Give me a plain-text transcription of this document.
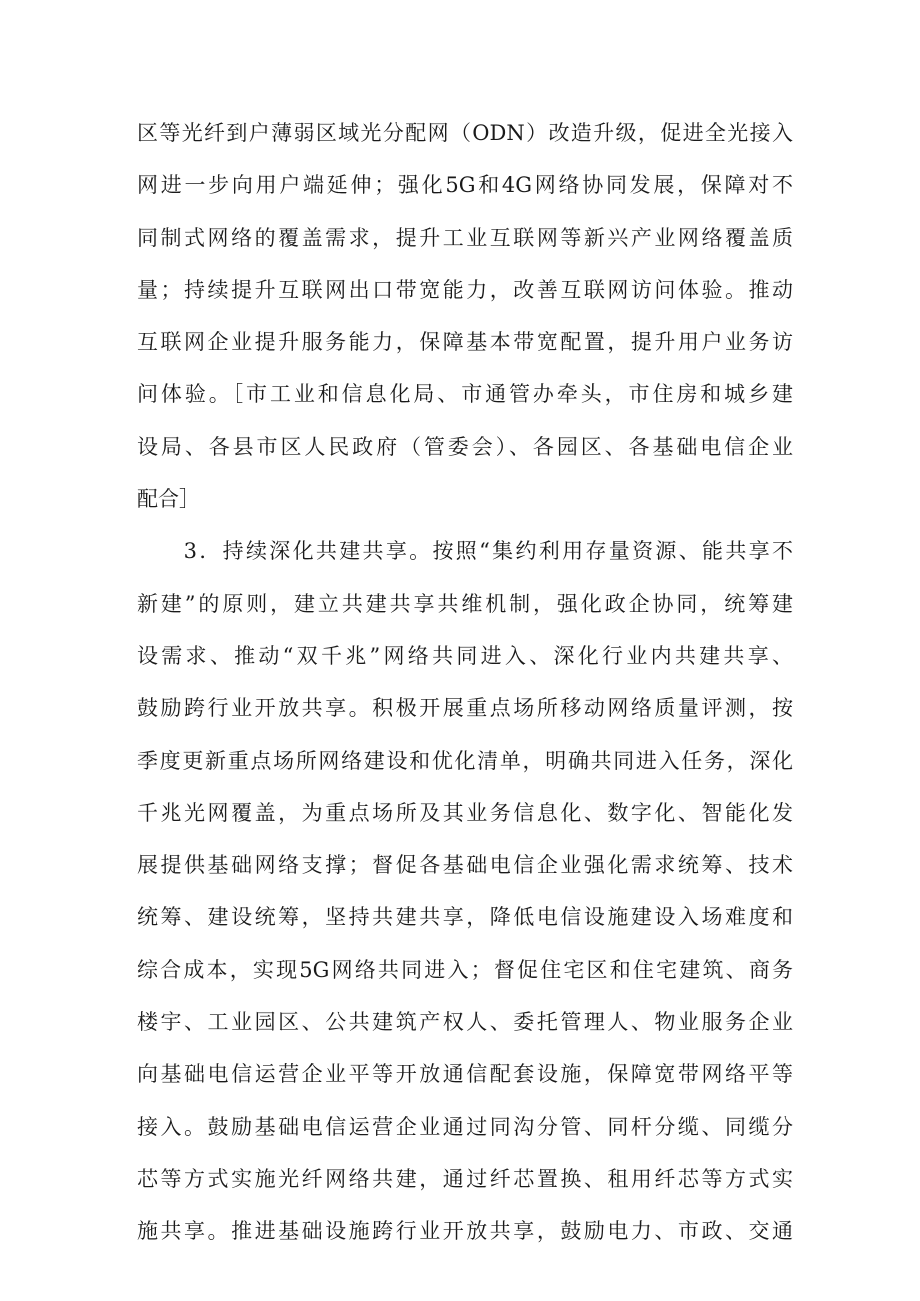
区等光纤到户薄弱区域光分配网（ODN）改造升级，促进全光接入
网进一步向用户端延伸；强化5G和4G网络协同发展，保障对不
同制式网络的覆盖需求，提升工业互联网等新兴产业网络覆盖质
量；持续提升互联网出口带宽能力，改善互联网访问体验。推动
互联网企业提升服务能力，保障基本带宽配置，提升用户业务访
问体验。［市工业和信息化局、市通管办牵头，市住房和城乡建
设局、各县市区人民政府（管委会）、各园区、各基础电信企业
配合］
　　3．持续深化共建共享。按照“集约利用存量资源、能共享不
新建”的原则，建立共建共享共维机制，强化政企协同，统筹建
设需求、推动“双千兆”网络共同进入、深化行业内共建共享、
鼓励跨行业开放共享。积极开展重点场所移动网络质量评测，按
季度更新重点场所网络建设和优化清单，明确共同进入任务，深化
千兆光网覆盖，为重点场所及其业务信息化、数字化、智能化发
展提供基础网络支撑；督促各基础电信企业强化需求统筹、技术
统筹、建设统筹，坚持共建共享，降低电信设施建设入场难度和
综合成本，实现5G网络共同进入；督促住宅区和住宅建筑、商务
楼宇、工业园区、公共建筑产权人、委托管理人、物业服务企业
向基础电信运营企业平等开放通信配套设施，保障宽带网络平等
接入。鼓励基础电信运营企业通过同沟分管、同杆分缆、同缆分
芯等方式实施光纤网络共建，通过纤芯置换、租用纤芯等方式实
施共享。推进基础设施跨行业开放共享，鼓励电力、市政、交通
